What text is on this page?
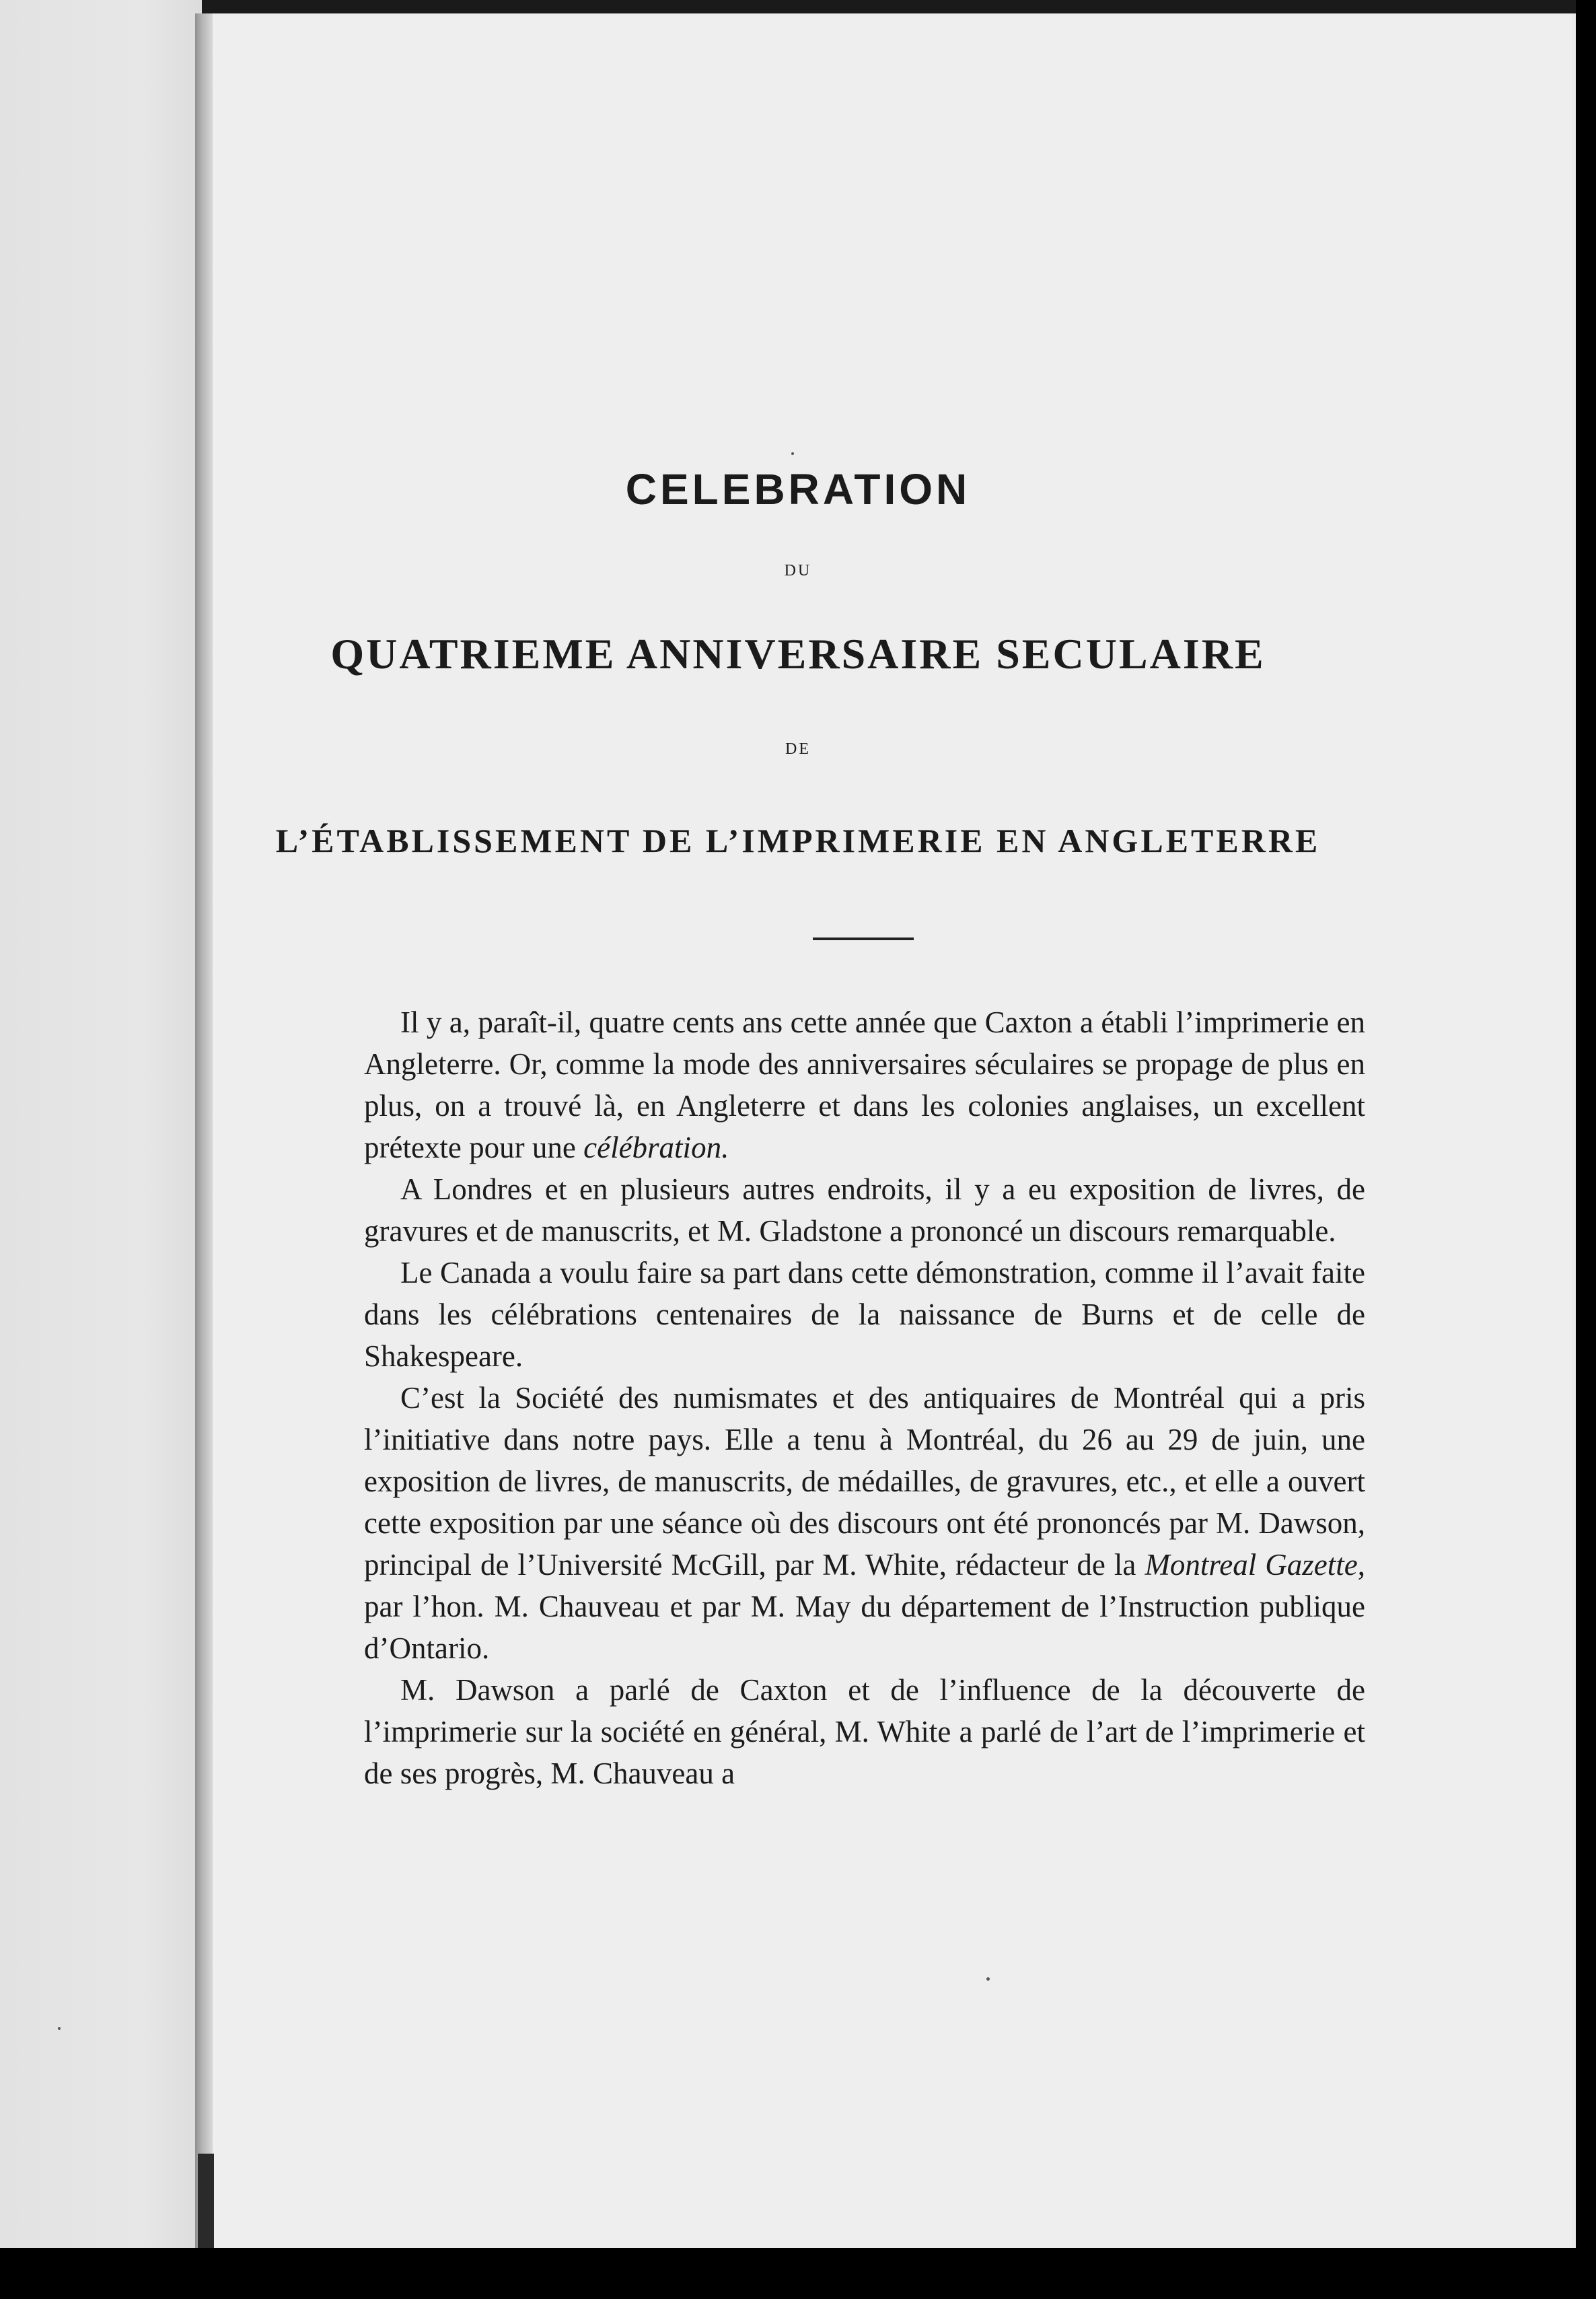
CELEBRATION
DU
QUATRIEME ANNIVERSAIRE SECULAIRE
DE
L’ÉTABLISSEMENT DE L’IMPRIMERIE EN ANGLETERRE

Il y a, paraît-il, quatre cents ans cette année que Caxton a établi l’imprimerie en Angleterre. Or, comme la mode des anniversaires séculaires se propage de plus en plus, on a trouvé là, en Angleterre et dans les colonies anglaises, un excellent prétexte pour une célébration.

A Londres et en plusieurs autres endroits, il y a eu exposition de livres, de gravures et de manuscrits, et M. Gladstone a prononcé un discours remarquable.

Le Canada a voulu faire sa part dans cette démonstration, comme il l’avait faite dans les célébrations centenaires de la naissance de Burns et de celle de Shakespeare.

C’est la Société des numismates et des antiquaires de Montréal qui a pris l’initiative dans notre pays. Elle a tenu à Montréal, du 26 au 29 de juin, une exposition de livres, de manuscrits, de médailles, de gravures, etc., et elle a ouvert cette exposition par une séance où des discours ont été prononcés par M. Dawson, principal de l’Université McGill, par M. White, rédacteur de la Montreal Gazette, par l’hon. M. Chauveau et par M. May du département de l’Instruction publique d’Ontario.

M. Dawson a parlé de Caxton et de l’influence de la découverte de l’imprimerie sur la société en général, M. White a parlé de l’art de l’imprimerie et de ses progrès, M. Chauveau a
